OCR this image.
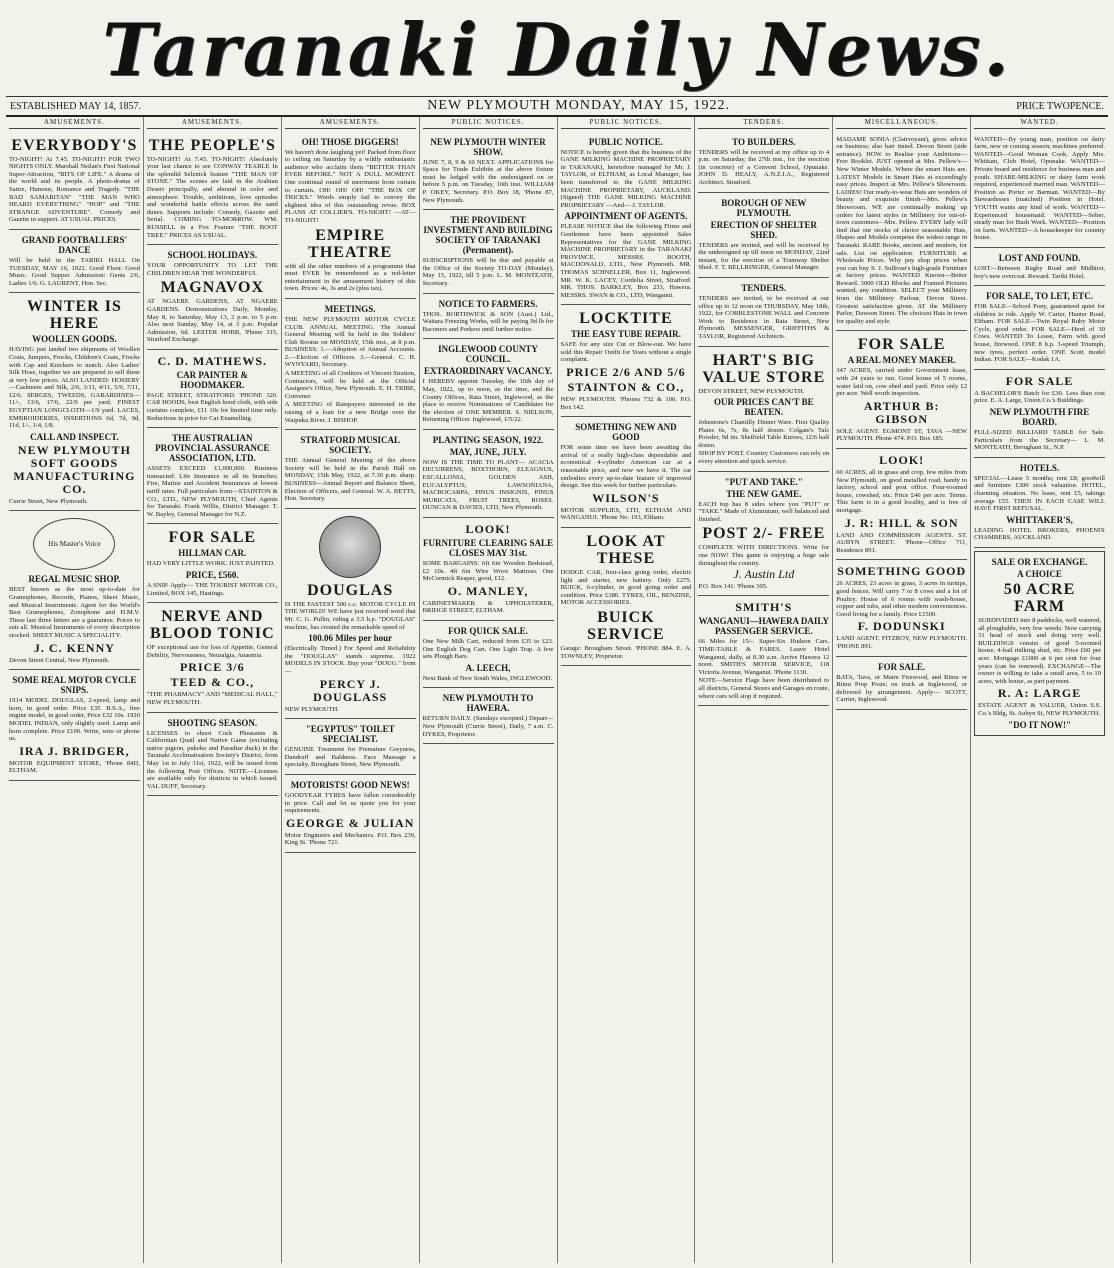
Taranaki Daily News.
ESTABLISHED MAY 14, 1857.	NEW PLYMOUTH MONDAY, MAY 15, 1922.	PRICE TWOPENCE.
AMUSEMENTS.
EVERYBODY'S

TO-NIGHT! At 7.45. TO-NIGHT! FOR TWO NIGHTS ONLY. Marshall Neilan's First National Super-Attraction, "BITS OF LIFE." A drama of the world and its people. A photo-drama of Satire, Humour, Romance and Tragedy. "THE BAD SAMARITAN" "THE MAN WHO HEARD EVERYTHING" "HOP" and "THE STRANGE ADVENTURE". Comedy and Gazette in support. AT USUAL PRICES.

GRAND FOOTBALLERS' DANCE

Will be held in the TARIKI HALL On TUESDAY, MAY 16, 1922. Good Floor. Good Music. Good Supper. Admission: Gents 2/6, Ladies 1/6. G. LAURENT, Hon. Sec.

WINTER IS HERE
WOOLLEN GOODS.

HAVING just landed two shipments of Woollen Coats, Jumpers, Frocks, Children's Coats, Frocks with Cap and Knickers to match. Also Ladies' Silk Hose, together we are prepared to sell these at very low prices. ALSO LANDED: HOSIERY—Cashmere and Silk, 2/6, 3/11, 4/11, 5/9, 7/11, 12/6. SERGES, TWEEDS, GABARDINES—11/-, 13/6, 17/6, 22/9 per yard. FINEST EGYPTIAN LONGCLOTH—1/9 yard. LACES, EMBROIDERIES, INSERTIONS 6d, 7d, 9d, 11d, 1/-, 1/4, 1/8.

CALL AND INSPECT.
NEW PLYMOUTH SOFT GOODS MANUFACTURING CO.

Currie Street, New Plymouth.

His Master's Voice
REGAL MUSIC SHOP.

BEST known as the most up-to-date for Gramophones, Records, Pianos, Sheet Music, and Musical Instruments. Agent for the World's Best Gramophones, Zonophone and H.M.V. These last three letters are a guarantee. Prices to suit all. Musical Instruments of every description stocked. SHEET MUSIC A SPECIALITY.

J. C. KENNY

Devon Street Central, New Plymouth.

SOME REAL MOTOR CYCLE SNIPS.

1914 MODEL DOUGLAS, 2-speed, lamp and horn, in good order. Price £35. B.S.A., free engine model, in good order, Price £32 10s. 1920 MODEL INDIAN, only slightly used. Lamp and horn complete. Price £100. Write, wire or phone us.

IRA J. BRIDGER,

MOTOR EQUIPMENT STORE, 'Phone 84D, ELTHAM.

AMUSEMENTS.
THE PEOPLE'S

TO-NIGHT! At 7.45. TO-NIGHT! Absolutely your last chance to see CONWAY TEARLE In the splendid Selznick feature "THE MAN OF STONE." The scenes are laid in the Arabian Desert principally, and abound in color and atmosphere. Trouble, ambitions, love episodes and wonderful battle effects across the sand dunes. Supports include: Comedy, Gazette and Serial. COMING TO-MORROW. WM. RUSSELL in a Fox Feature "THE BOOT TREE." PRICES AS USUAL.

SCHOOL HOLIDAYS.

YOUR OPPORTUNITY TO LET THE CHILDREN HEAR THE WONDERFUL

MAGNAVOX

AT NGAERE GARDENS, AT NGAERE GARDENS. Demonstrations Daily, Monday, May 8, to Saturday, May 13, 2 p.m. to 5 p.m. Also next Sunday, May 14, at 3 p.m. Popular Admission, 6d. LESTER HOBB, 'Phone 315, Stratford Exchange.

C. D. MATHEWS.
CAR PAINTER & HOODMAKER.

PAGE STREET, STRATFORD. 'PHONE 320. CAR HOODS, best English hood cloth, with side curtains complete, £11 10s for limited time only. Reductions in price for Car Enamelling.

THE AUSTRALIAN PROVINCIAL ASSURANCE ASSOCIATION, LTD.

ASSETS EXCEED £1,000,000. Business transacted: Life Insurance in all its branches; Fire, Marine and Accident Insurances at lowest tariff rates. Full particulars from—STAINTON & CO., LTD., NEW PLYMOUTH, Chief Agents for Taranaki. Frank Willis, District Manager. T. W. Bayley, General Manager for N.Z.

FOR SALE
HILLMAN CAR.

HAD VERY LITTLE WORK. JUST PAINTED.

PRICE, £560.

A SNIP. Apply— THE TOURIST MOTOR CO., Limited, BOX 145, Hastings.

NERVE AND BLOOD TONIC

OF exceptional use for loss of Appetite, General Debility, Nervousness, Neuralgia, Anaemia.

PRICE 3/6
TEED & CO.,

"THE PHARMACY" AND "MEDICAL HALL," NEW PLYMOUTH.

SHOOTING SEASON.

LICENSES to shoot Cock Pheasants & Californian Quail and Native Game (excluding native pigeon, pukeko and Paradise duck) in the Taranaki Acclimatisation Society's District, from May 1st to July 31st, 1922, will be issued from the following Post Offices. NOTE.—Licenses are available only for districts in which issued. VAL DUFF, Secretary.

AMUSEMENTS.
OH! THOSE DIGGERS!

We haven't done laughing yet! Packed from floor to ceiling on Saturday by a wildly enthusiastic audience who acclaim them "BETTER THAN EVER BEFORE." NOT A DULL MOMENT. One continual round of merriment from curtain to curtain. OH! OH! OH! "THE BOX OF TRICKS." Words simply fail to convey the slightest idea of this outstanding revue. BOX PLANS AT COLLIER'S. TO-NIGHT! —AT— TO-NIGHT!

EMPIRE THEATRE

with all the other numbers of a programme that must EVER be remembered as a red-letter entertainment in the amusement history of this town. Prices: 4s, 3s and 2s (plus tax).

MEETINGS.

THE NEW PLYMOUTH MOTOR CYCLE CLUB. ANNUAL MEETING. The Annual General Meeting will be held in the Soldiers' Club Rooms on MONDAY, 15th inst., at 8 p.m. BUSINESS: 1.—Adoption of Annual Accounts. 2.—Election of Officers. 3.—General. C. H. WYNYARD, Secretary.

A MEETING of all Creditors of Vincent Stratton, Contractors, will be held at the Official Assignee's Office, New Plymouth. E. H. TRIBE, Convener.

A MEETING of Ratepayers interested in the raising of a loan for a new Bridge over the Waipuku River. J. BISHOP.

STRATFORD MUSICAL SOCIETY.

THE Annual General Meeting of the above Society will be held in the Parish Hall on MONDAY, 15th May, 1922, at 7.30 p.m. sharp. BUSINESS—Annual Report and Balance Sheet, Election of Officers, and General. W. A. BETTS, Hon. Secretary.

DOUGLAS

IS THE FASTEST 500 c.c. MOTOR CYCLE IN THE WORLD! WE have just received word that Mr. C. G. Pullin, riding a 3.5 h.p. "DOUGLAS" machine, has created the remarkable speed of

100.06 Miles per hour

(Electrically Timed.) For Speed and Reliability the "DOUGLAS" stands supreme. 1922 MODELS IN STOCK. Buy your "DOUG." from—

PERCY J. DOUGLASS

NEW PLYMOUTH.

"EGYPTUS" TOILET SPECIALIST.

GENUINE Treatment for Premature Greyness, Dandruff and Baldness. Face Massage a specialty. Brougham Street, New Plymouth.

MOTORISTS! GOOD NEWS!

GOODYEAR TYRES have fallen considerably in price. Call and let us quote you for your requirements.

GEORGE & JULIAN

Motor Engineers and Mechanics. P.O. Box 239, King St. 'Phone 721.

PUBLIC NOTICES.
NEW PLYMOUTH WINTER SHOW.

JUNE 7, 8, 9 & 10 NEXT. APPLICATIONS for Space for Trade Exhibits at the above fixture must be lodged with the undersigned on or before 5 p.m. on Tuesday, 16th inst. WILLIAM P. OKEY, Secretary. P.O. Box 18, 'Phone 87, New Plymouth.

THE PROVIDENT INVESTMENT AND BUILDING SOCIETY OF TARANAKI (Permanent).

SUBSCRIPTIONS will be due and payable at the Office of the Society TO-DAY (Monday), May 15, 1922, till 5 p.m. L. M. MONTEATH, Secretary.

NOTICE TO FARMERS.

THOS. BORTHWICK & SON (Aust.) Ltd., Waitara Freezing Works, will be paying 9d lb for Baconers and Porkers until further notice.

INGLEWOOD COUNTY COUNCIL.
EXTRAORDINARY VACANCY.

I HEREBY appoint Tuesday, the 16th day of May, 1922, up to noon, as the time, and the County Offices, Rata Street, Inglewood, as the place to receive Nominations of Candidates for the election of ONE MEMBER. S. NIELSON, Returning Officer. Inglewood, 1/5/22.

PLANTING SEASON, 1922.
MAY, JUNE, JULY.

NOW IS THE TIME TO PLANT— ACACIA DECURRENS, BOXTHORN, ELEAGNUS, ESCALLONIA, GOLDEN ASH, EUCALYPTUS, LAWSONIANA, MACROCARPA, PINUS INSIGNIS, PINUS MURICATA, FRUIT TREES, ROSES. DUNCAN & DAVIES, LTD, New Plymouth.

LOOK!
FURNITURE CLEARING SALE CLOSES MAY 31st.

SOME BARGAINS: 6ft 6in Wooden Bedstead, £2 10s. 4ft 6in Wire Wove Mattress. One McCormick Reaper, good, £12.

O. MANLEY,

CABINETMAKER & UPHOLSTERER, BRIDGE STREET, ELTHAM.

FOR QUICK SALE.

One New Milk Cart, reduced from £35 to £23. One English Dog Cart. One Light Trap. A few sets Plough Bars.

A. LEECH,

Next Bank of New South Wales, INGLEWOOD.

NEW PLYMOUTH TO HAWERA.

RETURN DAILY. (Sundays excepted.) Depart—New Plymouth (Currie Street), Daily, 7 a.m. C. DYKES, Proprietor.

PUBLIC NOTICES.
PUBLIC NOTICE.

NOTICE is hereby given that the business of the GANE MILKING MACHINE PROPRIETARY in TARANAKI, heretofore managed by Mr. J. TAYLOR, of ELTHAM, as Local Manager, has been transferred to the GANE MILKING MACHINE PROPRIETARY, AUCKLAND. (Signed) THE GANE MILKING MACHINE PROPRIETARY —And— J. TAYLOR.

APPOINTMENT OF AGENTS.

PLEASE NOTICE that the following Firms and Gentlemen have been appointed Sales Representatives for the GANE MILKING MACHINE PROPRIETARY in the TARANAKI PROVINCE. MESSRS. BOOTH, MACDONALD, LTD., New Plymouth. MR. THOMAS SCHNELLER, Box 11, Inglewood. MR. W. K. LACEY, Cordelia Street, Stratford. MR. THOS. BARKLEY, Box 233, Hawera. MESSRS. SWAN & CO., LTD, Wanganui.

LOCKTITE
THE EASY TUBE REPAIR.

SAFE for any size Cut or Blow-out. We have sold this Repair Outfit for Years without a single complaint.

PRICE 2/6 AND 5/6
STAINTON & CO.,

NEW PLYMOUTH. 'Phones 732 & 100. P.O. Box 142.

SOMETHING NEW AND GOOD

FOR some time we have been awaiting the arrival of a really high-class dependable and economical 4-cylinder American car at a reasonable price, and now we have it. The car embodies every up-to-date feature of improved design. See this week for further particulars.

WILSON'S

MOTOR SUPPLIES, LTD, ELTHAM AND WANGANUI. 'Phone No. 193, Eltham.

LOOK AT THESE

DODGE CAR, first-class going order, electric light and starter, new battery. Only £275. BUICK, 6-cylinder, in good going order and condition. Price £380. TYRES, OIL, BENZINE, MOTOR ACCESSORIES.

BUICK SERVICE

Garage: Brougham Street. 'PHONE 884. E. A. TOWNLEY, Proprietor.

TENDERS.
TO BUILDERS.

TENDERS will be received at my office up to 4 p.m. on Saturday, the 27th inst., for the erection (in concrete) of a Convent School, Opunake. JOHN D. HEALY, A.N.Z.I.A., Registered Architect. Stratford.

BOROUGH OF NEW PLYMOUTH.
ERECTION OF SHELTER SHED.

TENDERS are invited, and will be received by the undersigned up till noon on MONDAY, 22nd instant, for the erection of a Tramway Shelter Shed. F. T. BELLRINGER, General Manager.

TENDERS.

TENDERS are invited, to be received at our office up to 12 noon on THURSDAY, May 18th, 1922, for COBBLESTONE WALL and Concrete Work to Residence in Rata Street, New Plymouth. MESSENGER, GRIFFITHS & TAYLOR, Registered Architects.

HART'S BIG VALUE STORE

DEVON STREET, NEW PLYMOUTH.

OUR PRICES CAN'T BE BEATEN.

Johnstone's Chantilly Dinner Ware. First Quality Plates 6s, 7s, 8s half dozen. Colgate's Talc Powder, 9d tin. Sheffield Table Knives, 12/6 half dozen.

SHOP BY POST. Country Customers can rely on every attention and quick service.

"PUT AND TAKE."
THE NEW GAME.

EACH top has 8 sides where you "PUT" or "TAKE." Made of Aluminium, well balanced and finished.

POST 2/- FREE

COMPLETE WITH DIRECTIONS. Write for one NOW! This game is enjoying a huge sale throughout the country.

J. Austin Ltd

P.O. Box 141. 'Phone 305.

SMITH'S
WANGANUI—HAWERA DAILY PASSENGER SERVICE.

66 Miles for 15/-. Super-Six Hudson Cars. TIME-TABLE & FARES. Leave Hotel Wanganui, daily, at 8.30 a.m. Arrive Hawera 12 noon. SMITH'S MOTOR SERVICE, 118 Victoria Avenue, Wanganui. 'Phone 1130.

NOTE—Service Flags have been distributed to all districts, General Stores and Garages en route, where cars will stop if required.

MISCELLANEOUS.

MADAME SONIA (Clairvoyant), gives advice on business; also hair tinted. Devon Street (side entrance). HOW to Realise your Ambitions—Free Booklet. JUST opened at Mrs. Pellew's—New Winter Models. Where the smart Hats are. LATEST Models in Smart Hats at exceedingly easy prices. Inspect at Mrs. Pellew's Showroom. LADIES! Our ready-to-wear Hats are wonders of beauty and exquisite finish—Mrs. Pellew's Showroom. WE are continually making up orders for latest styles in Millinery for out-of-town customers—Mrs. Pellew. EVERY lady will find that our stocks of choice seasonable Hats, Shapes and Models comprise the widest range in Taranaki. RARE Books, ancient and modern, for sale. List on application. FURNITURE at Wholesale Prices. Why pay shop prices when you can buy S. J. Sullivan's high-grade Furniture at factory prices. WANTED Known—Better Reward. 3000 OLD Blocks and Framed Pictures wanted, any condition. SELECT your Millinery from the Millinery Parlour, Devon Street. Greatest satisfaction given. AT the Millinery Parlor, Dawson Street. The choicest Hats in town for quality and style.

FOR SALE
A REAL MONEY MAKER.

347 ACRES, carried under Government lease, with 24 years to run. Good house of 5 rooms, water laid on, cow shed and yard. Price only £2 per acre. Well worth inspection.

ARTHUR B: GIBSON

SOLE AGENT. EGMONT ST, TAVA —NEW PLYMOUTH. Phone 474. P.O. Box 185.

LOOK!

60 ACRES, all in grass and crop, few miles from New Plymouth, on good metalled road, handy to factory, school and post office. Four-roomed house, cowshed, etc. Price £46 per acre. Terms. This farm is in a good locality, and is free of mortgage.

J. R: HILL & SON

LAND AND COMMISSION AGENTS. ST. AUBYN STREET. 'Phone—Office 711, Residence 891.

SOMETHING GOOD

26 ACRES, 23 acres in grass, 3 acres in turnips, good fences. Will carry 7 or 8 cows and a lot of Poultry. House of 6 rooms with wash-house, copper and tubs, and other modern conveniences. Good living for a family. Price £1500.

F. DODUNSKI

LAND AGENT. FITZROY, NEW PLYMOUTH. 'PHONE 891.

FOR SALE.

BATA, Tava, or Maire Firewood, and Rimu or Rimu Prop Posts; on truck at Inglewood, or delivered by arrangement. Apply— SCOTT, Carrier, Inglewood.

WANTED.

WANTED—By young man, position on dairy farm, new or coming season; machines preferred. WANTED—Good Woman Cook. Apply Mrs. Whittam, Club Hotel, Opunake. WANTED—Private board and residence for business man and youth. SHARE-MILKING or dairy farm work required, experienced married man. WANTED—Position as Porter or Barman. WANTED—By Stewardesses (matched) Position in Hotel. YOUTH wants any kind of work. WANTED—Experienced housemaid. WANTED—Sober, steady man for Bush Work. WANTED—Position on farm. WANTED—A housekeeper for country house.

LOST AND FOUND.

LOST—Between Rugby Road and Midhirst, boy's new overcoat. Reward. Tariki Hotel.

FOR SALE, TO LET, ETC.

FOR SALE—School Pony, guaranteed quiet for children to ride. Apply W. Carter, Hunter Road, Eltham. FOR SALE—Twin Royal Ruby Motor Cycle, good order. FOR SALE—Herd of 30 Cows. WANTED To Lease, Farm with good house, firewood. ONE 8 h.p. 3-speed Triumph, new tyres, perfect order. ONE Scott model Indian. FOR SALE—Kodak 1A.

FOR SALE

A BACHELOR'S Batch for £30. Less than cost price. E. A. Large, Union Co.'s Buildings.

NEW PLYMOUTH FIRE BOARD.

FULL-SIZED BILLIARD TABLE for Sale. Particulars from the Secretary— L. M. MONTEATH, Brougham St., N.P.

HOTELS.

SPECIAL—Lease 5 months; rent £8; goodwill and furniture £300 stock valuation. HOTEL, charming situation. No lease, rent £5, takings average £55. THEN IN EACH CASE WILL HAVE FIRST REFUSAL.

WHITTAKER'S,

LEADING HOTEL BROKERS, PHOENIX CHAMBERS, AUCKLAND.

SALE OR EXCHANGE.
A CHOICE
50 ACRE FARM

SUBDIVIDED into 8 paddocks, well watered, all ploughable, very few weeds. Now carrying 31 head of stock and doing very well. BUILDINGS consist of good 5-roomed house, 4-bail milking shed, etc. Price £60 per acre. Mortgage £1000 at 6 per cent for four years (can be renewed). EXCHANGE—The owner is willing to take a small area, 5 to 10 acres, with house, as part payment.

R. A: LARGE

ESTATE AGENT & VALUER, Union S.S. Co.'s Bldg, St. Aubyn St, NEW PLYMOUTH.

"DO IT NOW!"
